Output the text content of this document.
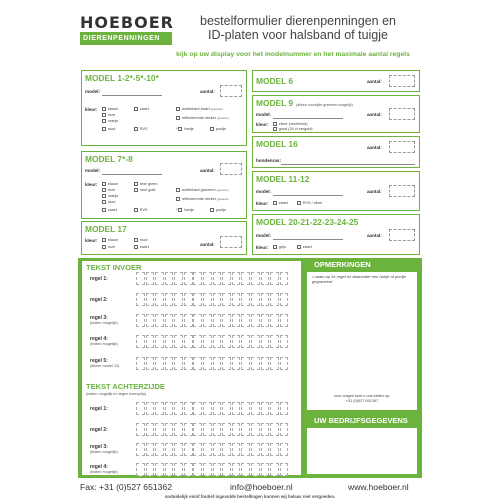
HOEBOER
DIERENPENNINGEN
bestelformulier dierenpenningen en
ID-platen voor halsband of tuigje
kijk op uw display voor het modelnummer en het maximale aantal regels
MODEL 1-2*-5*-10*
model:	aantal:
kleur:	blauw	zwart	achterkant zwart (graveren)
roze
oranje
reflecterende sticker (graveren)
rood	RVS	* hartje	pootje
MODEL 7*-8
model:	aantal:
kleur:	blauw	lime green
roze	rose gold	achterkant graveren (graveren)
oranje
rood
reflecterende sticker (graveren)
zwart	RVS	* hartje	pootje
MODEL 17
kleur:	blauw	rood
roze	zwart	aantal:
MODEL 6	aantal:
MODEL 9 (alleen voorzijde graveren mogelijk)
model:	aantal:
kleur:	zilver (verzilverd)
goud (24 ct verguld)
MODEL 16	aantal:
hondenras:
MODEL 11-12
model:	aantal:
kleur:	zwart	RVS / zilver
MODEL 20-21-22-23-24-25
model:	aantal:
kleur:	grijs	zwart
TEKST INVOER
regel 1:
regel 2:
regel 3:
(indien mogelijk)
regel 4:
(indien mogelijk)
regel 5:
(alleen model 12)
TEKST ACHTERZIJDE
(indien mogelijk en tegen meerprijs)
regel 1:
regel 2:
regel 3:
(indien mogelijk)
regel 4:
(indien mogelijk)
OPMERKINGEN
• naam op 1e regel en daaronder een hartje of pootje gegraveerd
voor vragen kunt u ons bellen op:
+31 (0)527 651397
UW BEDRIJFSGEGEVENS
Fax: +31 (0)527 651362	info@hoeboer.nl	www.hoeboer.nl
onduidelijk en/of foutief ingevulde bestellingen kunnen wij helaas niet vergoeden.
